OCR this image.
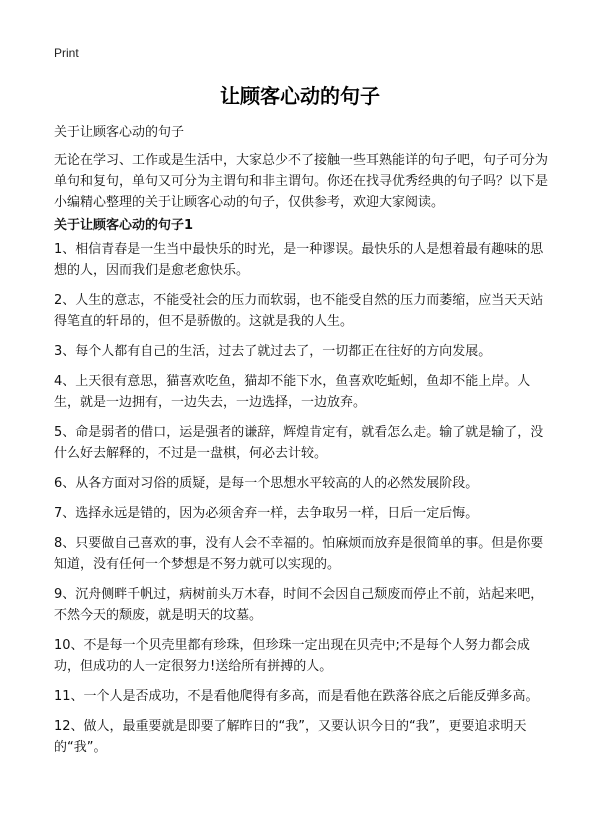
Print
让顾客心动的句子

关于让顾客心动的句子

无论在学习、工作或是生活中，大家总少不了接触一些耳熟能详的句子吧，句子可分为单句和复句，单句又可分为主谓句和非主谓句。你还在找寻优秀经典的句子吗？以下是小编精心整理的关于让顾客心动的句子，仅供参考，欢迎大家阅读。

关于让顾客心动的句子1
1、相信青春是一生当中最快乐的时光，是一种谬误。最快乐的人是想着最有趣味的思想的人，因而我们是愈老愈快乐。
2、人生的意志，不能受社会的压力而软弱，也不能受自然的压力而萎缩，应当天天站得笔直的轩昂的，但不是骄傲的。这就是我的人生。
3、每个人都有自己的生活，过去了就过去了，一切都正在往好的方向发展。
4、上天很有意思，猫喜欢吃鱼，猫却不能下水，鱼喜欢吃蚯蚓，鱼却不能上岸。人生，就是一边拥有，一边失去，一边选择，一边放弃。
5、命是弱者的借口，运是强者的谦辞，辉煌肯定有，就看怎么走。输了就是输了，没什么好去解释的，不过是一盘棋，何必去计较。
6、从各方面对习俗的质疑，是每一个思想水平较高的人的必然发展阶段。
7、选择永远是错的，因为必须舍弃一样，去争取另一样，日后一定后悔。
8、只要做自己喜欢的事，没有人会不幸福的。怕麻烦而放弃是很简单的事。但是你要知道，没有任何一个梦想是不努力就可以实现的。
9、沉舟侧畔千帆过，病树前头万木春，时间不会因自己颓废而停止不前，站起来吧，不然今天的颓废，就是明天的坟墓。
10、不是每一个贝壳里都有珍珠，但珍珠一定出现在贝壳中;不是每个人努力都会成功，但成功的人一定很努力!送给所有拼搏的人。
11、一个人是否成功，不是看他爬得有多高，而是看他在跌落谷底之后能反弹多高。
12、做人，最重要就是即要了解昨日的“我”，又要认识今日的“我”，更要追求明天的“我”。
